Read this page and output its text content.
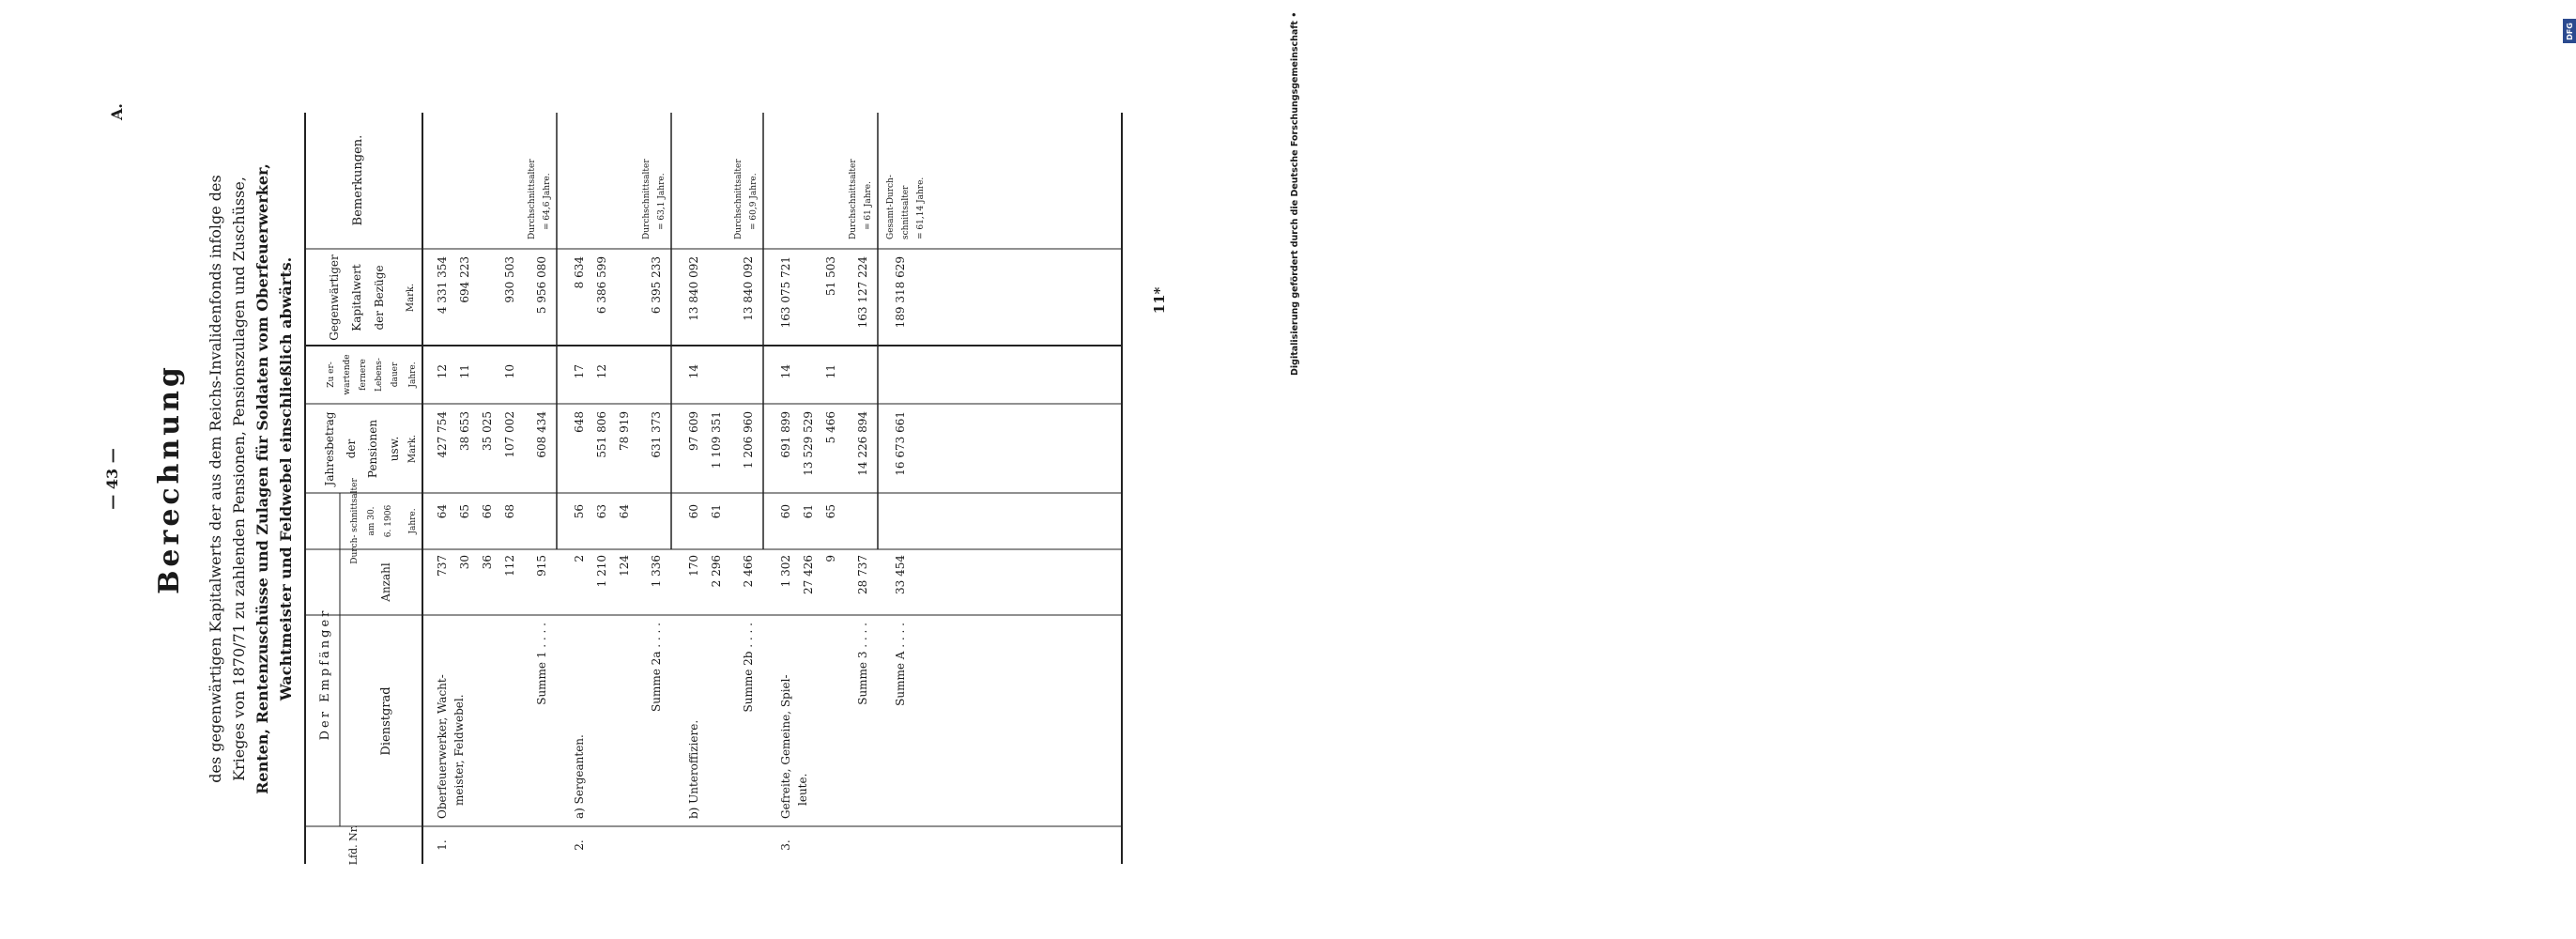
DFG
Digitalisierung gefördert durch die Deutsche Forschungsgemeinschaft •
— 43 —
A.
Berechnung des gegenwärtigen Kapitalwerts der aus dem Reichs-Invalidenfonds infolge des Krieges von 1870/71 zu zahlenden Pensionen, Pensionszulagen und Zuschüsse, Renten, Rentenzuschüsse und Zulagen für Soldaten vom Oberfeuerwerker, Wachtmeister und Feldwebel einschließlich abwärts.
Lfd. Nr.
Der Empfänger	Dienstgrad
Anzahl
Durch- schnittsalter am 30. 6. 1906 Jahre.
Jahresbetrag der Pensionen usw. Mark.
Zu er- wartende fernere Lebens- dauer Jahre.
Gegenwärtiger Kapitalwert der Bezüge Mark.
Bemerkungen.
1.
Oberfeuerwerker, Wacht- meister, Feldwebel.
737
64
427 754
12
4 331 354
30
65
38 653
11
694 223
36
66
35 025
112
68
107 002
10
930 503
Summe 1 . . . .
915
608 434
5 956 080
Durchschnittsalter = 64,6 Jahre.
2.
a) Sergeanten.
2
56
648
17
8 634
1 210
63
551 806
12
6 386 599
124
64
78 919
Summe 2a . . . .
1 336
631 373
6 395 233
Durchschnittsalter = 63,1 Jahre.
b) Unteroffiziere.
170
60
97 609
14
13 840 092
2 296
61
1 109 351
Summe 2b . . . .
2 466
1 206 960
13 840 092
Durchschnittsalter = 60,9 Jahre.
3.
Gefreite, Gemeine, Spiel- leute.
1 302
60
691 899
14
163 075 721
27 426
61
13 529 529
9
65
5 466
11
51 503
Summe 3 . . . .
28 737
14 226 894
163 127 224
Durchschnittsalter = 61 Jahre.
Summe A . . . .
33 454
16 673 661
189 318 629
Gesamt-Durch- schnittsalter = 61,14 Jahre.
11*
